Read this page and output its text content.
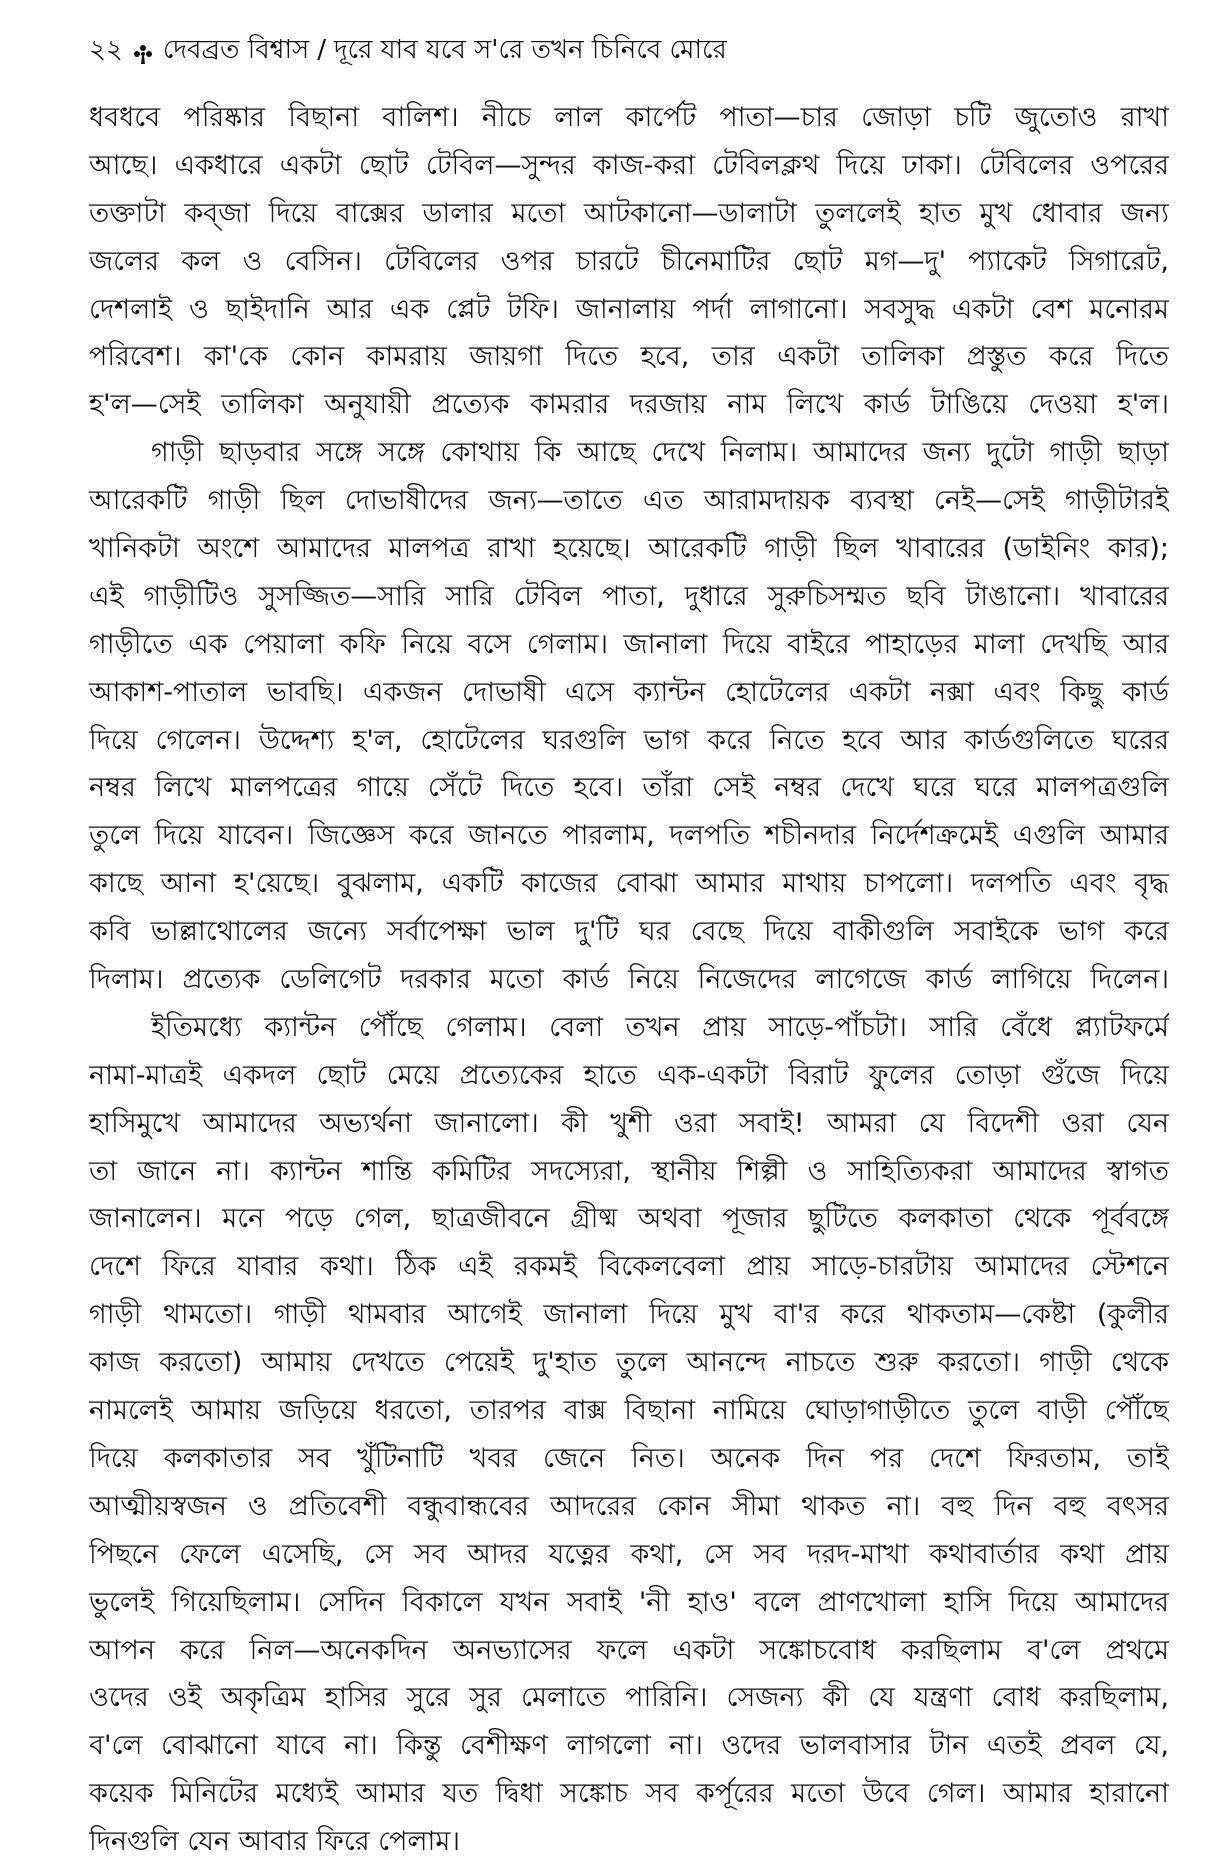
২২ দেবব্রত বিশ্বাস / দূরে যাব যবে স'রে তখন চিনিবে মোরে
ধবধবে পরিষ্কার বিছানা বালিশ। নীচে লাল কার্পেট পাতা—চার জোড়া চটি জুতোও রাখা
আছে। একধারে একটা ছোট টেবিল—সুন্দর কাজ-করা টেবিলক্লথ দিয়ে ঢাকা। টেবিলের ওপরের
তক্তাটা কব্‌জা দিয়ে বাক্সের ডালার মতো আটকানো—ডালাটা তুললেই হাত মুখ ধোবার জন্য
জলের কল ও বেসিন। টেবিলের ওপর চারটে চীনেমাটির ছোট মগ—দু' প্যাকেট সিগারেট,
দেশলাই ও ছাইদানি আর এক প্লেট টফি। জানালায় পর্দা লাগানো। সবসুদ্ধ একটা বেশ মনোরম
পরিবেশ। কা'কে কোন কামরায় জায়গা দিতে হবে, তার একটা তালিকা প্রস্তুত করে দিতে
হ'ল—সেই তালিকা অনুযায়ী প্রত্যেক কামরার দরজায় নাম লিখে কার্ড টাঙিয়ে দেওয়া হ'ল।
গাড়ী ছাড়বার সঙ্গে সঙ্গে কোথায় কি আছে দেখে নিলাম। আমাদের জন্য দুটো গাড়ী ছাড়া
আরেকটি গাড়ী ছিল দোভাষীদের জন্য—তাতে এত আরামদায়ক ব্যবস্থা নেই—সেই গাড়ীটারই
খানিকটা অংশে আমাদের মালপত্র রাখা হয়েছে। আরেকটি গাড়ী ছিল খাবারের (ডাইনিং কার);
এই গাড়ীটিও সুসজ্জিত—সারি সারি টেবিল পাতা, দুধারে সুরুচিসম্মত ছবি টাঙানো। খাবারের
গাড়ীতে এক পেয়ালা কফি নিয়ে বসে গেলাম। জানালা দিয়ে বাইরে পাহাড়ের মালা দেখছি আর
আকাশ-পাতাল ভাবছি। একজন দোভাষী এসে ক্যান্টন হোটেলের একটা নক্সা এবং কিছু কার্ড
দিয়ে গেলেন। উদ্দেশ্য হ'ল, হোটেলের ঘরগুলি ভাগ করে নিতে হবে আর কার্ডগুলিতে ঘরের
নম্বর লিখে মালপত্রের গায়ে সেঁটে দিতে হবে। তাঁরা সেই নম্বর দেখে ঘরে ঘরে মালপত্রগুলি
তুলে দিয়ে যাবেন। জিজ্ঞেস করে জানতে পারলাম, দলপতি শচীনদার নির্দেশক্রমেই এগুলি আমার
কাছে আনা হ'য়েছে। বুঝলাম, একটি কাজের বোঝা আমার মাথায় চাপলো। দলপতি এবং বৃদ্ধ
কবি ভাল্লাথোলের জন্যে সর্বাপেক্ষা ভাল দু'টি ঘর বেছে দিয়ে বাকীগুলি সবাইকে ভাগ করে
দিলাম। প্রত্যেক ডেলিগেট দরকার মতো কার্ড নিয়ে নিজেদের লাগেজে কার্ড লাগিয়ে দিলেন।
ইতিমধ্যে ক্যান্টন পৌঁছে গেলাম। বেলা তখন প্রায় সাড়ে-পাঁচটা। সারি বেঁধে প্ল্যাটফর্মে
নামা-মাত্রই একদল ছোট মেয়ে প্রত্যেকের হাতে এক-একটা বিরাট ফুলের তোড়া গুঁজে দিয়ে
হাসিমুখে আমাদের অভ্যর্থনা জানালো। কী খুশী ওরা সবাই! আমরা যে বিদেশী ওরা যেন
তা জানে না। ক্যান্টন শান্তি কমিটির সদস্যেরা, স্থানীয় শিল্পী ও সাহিত্যিকরা আমাদের স্বাগত
জানালেন। মনে পড়ে গেল, ছাত্রজীবনে গ্রীষ্ম অথবা পূজার ছুটিতে কলকাতা থেকে পূর্ববঙ্গে
দেশে ফিরে যাবার কথা। ঠিক এই রকমই বিকেলবেলা প্রায় সাড়ে-চারটায় আমাদের স্টেশনে
গাড়ী থামতো। গাড়ী থামবার আগেই জানালা দিয়ে মুখ বা'র করে থাকতাম—কেষ্টা (কুলীর
কাজ করতো) আমায় দেখতে পেয়েই দু'হাত তুলে আনন্দে নাচতে শুরু করতো। গাড়ী থেকে
নামলেই আমায় জড়িয়ে ধরতো, তারপর বাক্স বিছানা নামিয়ে ঘোড়াগাড়ীতে তুলে বাড়ী পৌঁছে
দিয়ে কলকাতার সব খুঁটিনাটি খবর জেনে নিত। অনেক দিন পর দেশে ফিরতাম, তাই
আত্মীয়স্বজন ও প্রতিবেশী বন্ধুবান্ধবের আদরের কোন সীমা থাকত না। বহু দিন বহু বৎসর
পিছনে ফেলে এসেছি, সে সব আদর যত্নের কথা, সে সব দরদ-মাখা কথাবার্তার কথা প্রায়
ভুলেই গিয়েছিলাম। সেদিন বিকালে যখন সবাই 'নী হাও' বলে প্রাণখোলা হাসি দিয়ে আমাদের
আপন করে নিল—অনেকদিন অনভ্যাসের ফলে একটা সঙ্কোচবোধ করছিলাম ব'লে প্রথমে
ওদের ওই অকৃত্রিম হাসির সুরে সুর মেলাতে পারিনি। সেজন্য কী যে যন্ত্রণা বোধ করছিলাম,
ব'লে বোঝানো যাবে না। কিন্তু বেশীক্ষণ লাগলো না। ওদের ভালবাসার টান এতই প্রবল যে,
কয়েক মিনিটের মধ্যেই আমার যত দ্বিধা সঙ্কোচ সব কর্পূরের মতো উবে গেল। আমার হারানো
দিনগুলি যেন আবার ফিরে পেলাম।
